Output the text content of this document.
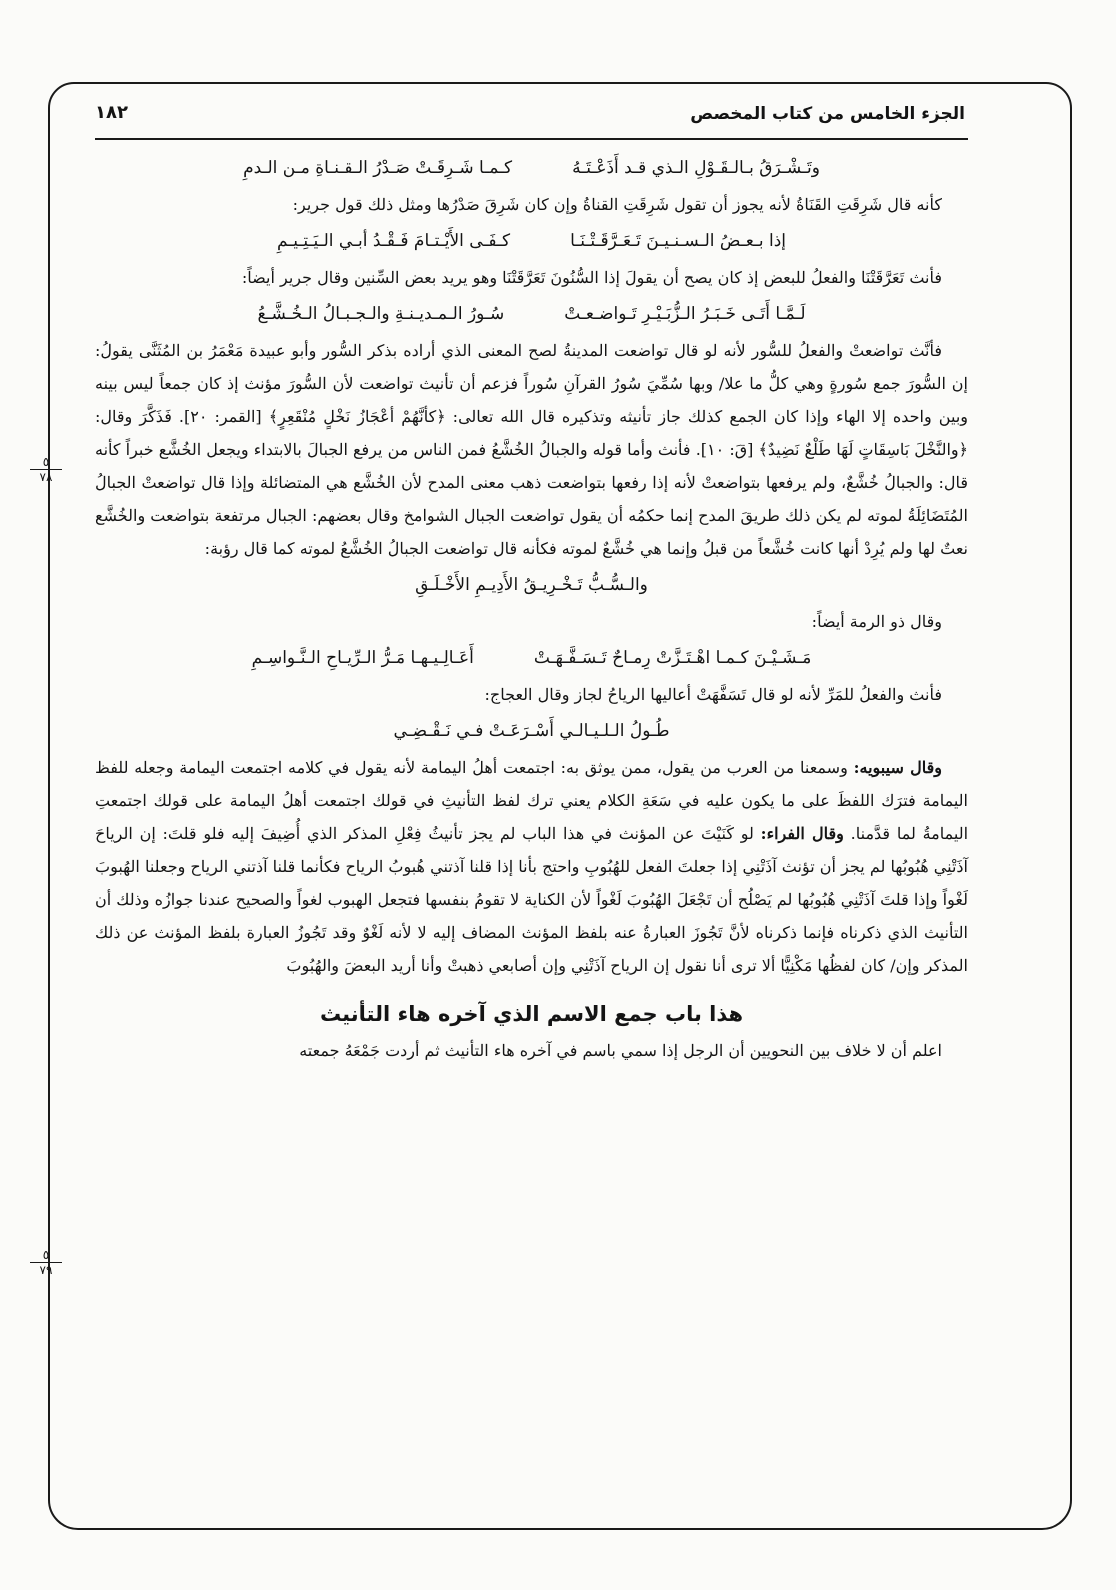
الجزء الخامس من كتاب المخصص
١٨٢
٥
٧٨
٥
٧٩
وتَـشْـرَقُ بـالـقَـوْلِ الـذي قـد أَذَعْـتَـهُ
كـمـا شَـرِقَـتْ صَـدْرُ الـقـنـاةِ مـن الـدمِ

كأنه قال شَرِقَتِ القَنَاةُ لأنه يجوز أن تقول شَرِقَتِ القناةُ وإن كان شَرِقَ صَدْرُها ومثل ذلك قول جرير:

إذا بـعـضُ الـسـنـيـنَ تَـعَـرَّقَـتْـنَـا
كـفَـى الأَيْـتـامَ فَـقْـدُ أبـي الـيَـتِـيـمِ

فأنث تَعَرَّقَتْنَا والفعلُ للبعض إذ كان يصح أن يقولَ إذا السُّنُونَ تَعَرَّقَتْنَا وهو يريد بعض السِّنين وقال جرير أيضاً:

لَـمَّـا أَتَـى خَـبَـرُ الـزُّبَـيْـرِ تَـواضـعـتْ
سُـورُ الـمـديـنـةِ والـجـبـالُ الـخُـشَّـعُ

فأنَّث تواضعتْ والفعلُ للسُّور لأنه لو قال تواضعت المدينةُ لصح المعنى الذي أراده بذكر السُّور وأبو عبيدة مَعْمَرُ بن المُثَنَّى يقولُ: إن السُّورَ جمع سُورةٍ وهي كلُّ ما علا/ وبها سُمِّيَ سُورُ القرآنِ سُوراً فزعم أن تأنيث تواضعت لأن السُّورَ مؤنث إذ كان جمعاً ليس بينه وبين واحده إلا الهاء وإذا كان الجمع كذلك جاز تأنيثه وتذكيره قال الله تعالى: ﴿كأنَّهُمْ أعْجَازُ نَخْلٍ مُنْقَعِرٍ﴾ [القمر: ٢٠]. فَذَكَّرَ وقال: ﴿والنَّخْلَ بَاسِقَاتٍ لَهَا طَلْعٌ نَضِيدٌ﴾ [قَ: ١٠]. فأنث وأما قوله والجبالُ الخُشَّعُ فمن الناس من يرفع الجبالَ بالابتداء ويجعل الخُشَّع خبراً كأنه قال: والجبالُ خُشَّعٌ، ولم يرفعها بتواضعتْ لأنه إذا رفعها بتواضعت ذهب معنى المدح لأن الخُشَّع هي المتضائلة وإذا قال تواضعتْ الجبالُ المُتَضَائِلَةُ لموته لم يكن ذلك طريقَ المدح إنما حكمُه أن يقول تواضعت الجبال الشوامخ وقال بعضهم: الجبال مرتفعة بتواضعت والخُشَّع نعتٌ لها ولم يُرِدْ أنها كانت خُشَّعاً من قبلُ وإنما هي خُشَّعٌ لموته فكأنه قال تواضعت الجبالُ الخُشَّعُ لموته كما قال رؤبة:

والـسُّـبُّ تَـخْـرِيـقُ الأَدِيـمِ الأَخْـلَـقِ

وقال ذو الرمة أيضاً:

مَـشَـيْـنَ كـمـا اهْـتَـزَّتْ رِمـاحٌ تَـسَـفَّـهَـتْ
أَعَـالِـيـهـا مَـرُّ الـرِّيـاحِ الـنَّـواسِـمِ

فأنث والفعلُ للمَرِّ لأنه لو قال تَسَفَّهَتْ أعاليها الرياحُ لجاز وقال العجاج:

طُـولُ الـلـيـالـي أَسْـرَعَـتْ فـي نَـقْـضِـي

وقال سيبويه: وسمعنا من العرب من يقول، ممن يوثق به: اجتمعت أهلُ اليمامة لأنه يقول في كلامه اجتمعت اليمامة وجعله للفظ اليمامة فترَك اللفظَ على ما يكون عليه في سَعَةِ الكلام يعني ترك لفظ التأنيثِ في قولك اجتمعت أهلُ اليمامة على قولك اجتمعتِ اليمامةُ لما قدَّمنا. وقال الفراء: لو كَنَيْتَ عن المؤنث في هذا الباب لم يجز تأنيثُ فِعْلِ المذكر الذي أُضِيفَ إليه فلو قلتَ: إن الرياحَ آذَتْنِي هُبُوبُها لم يجز أن تؤنث آذَتْنِي إذا جعلتَ الفعل للهُبُوبِ واحتج بأنا إذا قلنا آذتني هُبوبُ الرياح فكأنما قلنا آذتني الرياح وجعلنا الهُبوبَ لَغْواً وإذا قلتَ آذَتْنِي هُبُوبُها لم يَصْلُح أن تَجْعَلَ الهُبُوبَ لَغْواً لأن الكناية لا تقومُ بنفسها فتجعل الهبوب لغواً والصحيح عندنا جوازُه وذلك أن التأنيث الذي ذكرناه فإنما ذكرناه لأنَّ تَجُوزَ العبارةُ عنه بلفظ المؤنث المضاف إليه لا لأنه لَغْوٌ وقد تَجُوزُ العبارة بلفظ المؤنث عن ذلك المذكر وإن/ كان لفظُها مَكْنِيًّا ألا ترى أنا نقول إن الرياح آذَتْنِي وإن أصابعي ذهبتْ وأنا أريد البعضَ والهُبُوبَ

هذا باب جمع الاسم الذي آخره هاء التأنيث

اعلم أن لا خلاف بين النحويين أن الرجل إذا سمي باسم في آخره هاء التأنيث ثم أردت جَمْعَهُ جمعته
